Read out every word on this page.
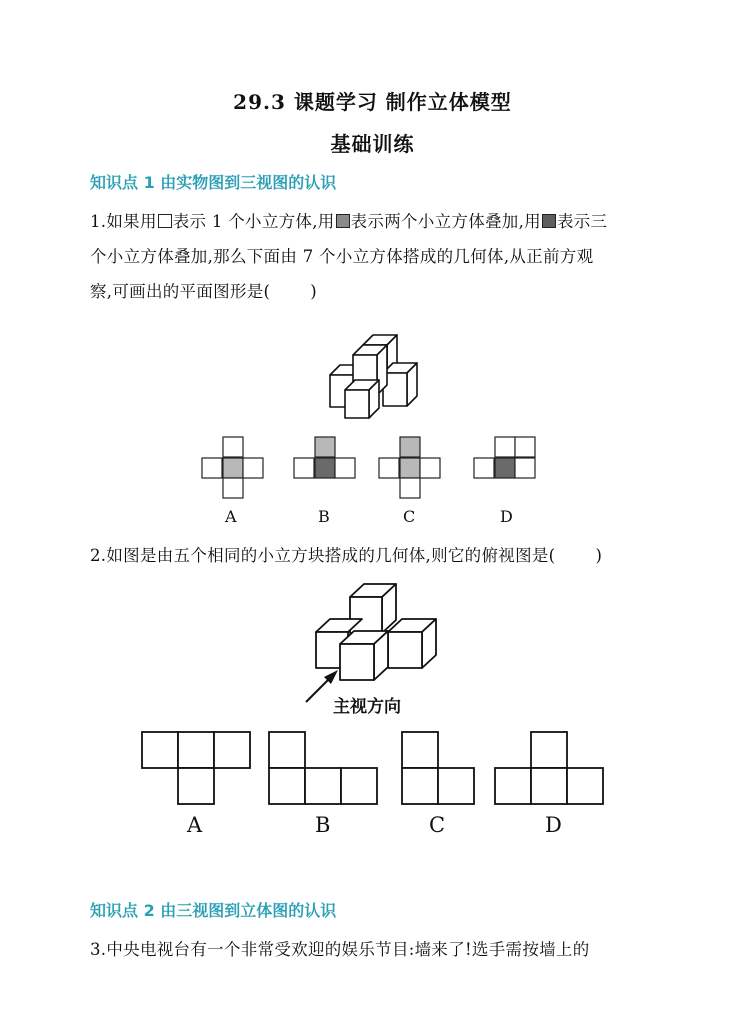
29.3 课题学习 制作立体模型
基础训练
知识点 1 由实物图到三视图的认识
1.如果用 表示 1 个小立方体,用 表示两个小立方体叠加,用 表示三
个小立方体叠加,那么下面由 7 个小立方体搭成的几何体,从正前方观
察,可画出的平面图形是( )
A	B	C	D
2.如图是由五个相同的小立方块搭成的几何体,则它的俯视图是( )
主视方向
A	B	C	D
知识点 2 由三视图到立体图的认识
3.中央电视台有一个非常受欢迎的娱乐节目:墙来了!选手需按墙上的
